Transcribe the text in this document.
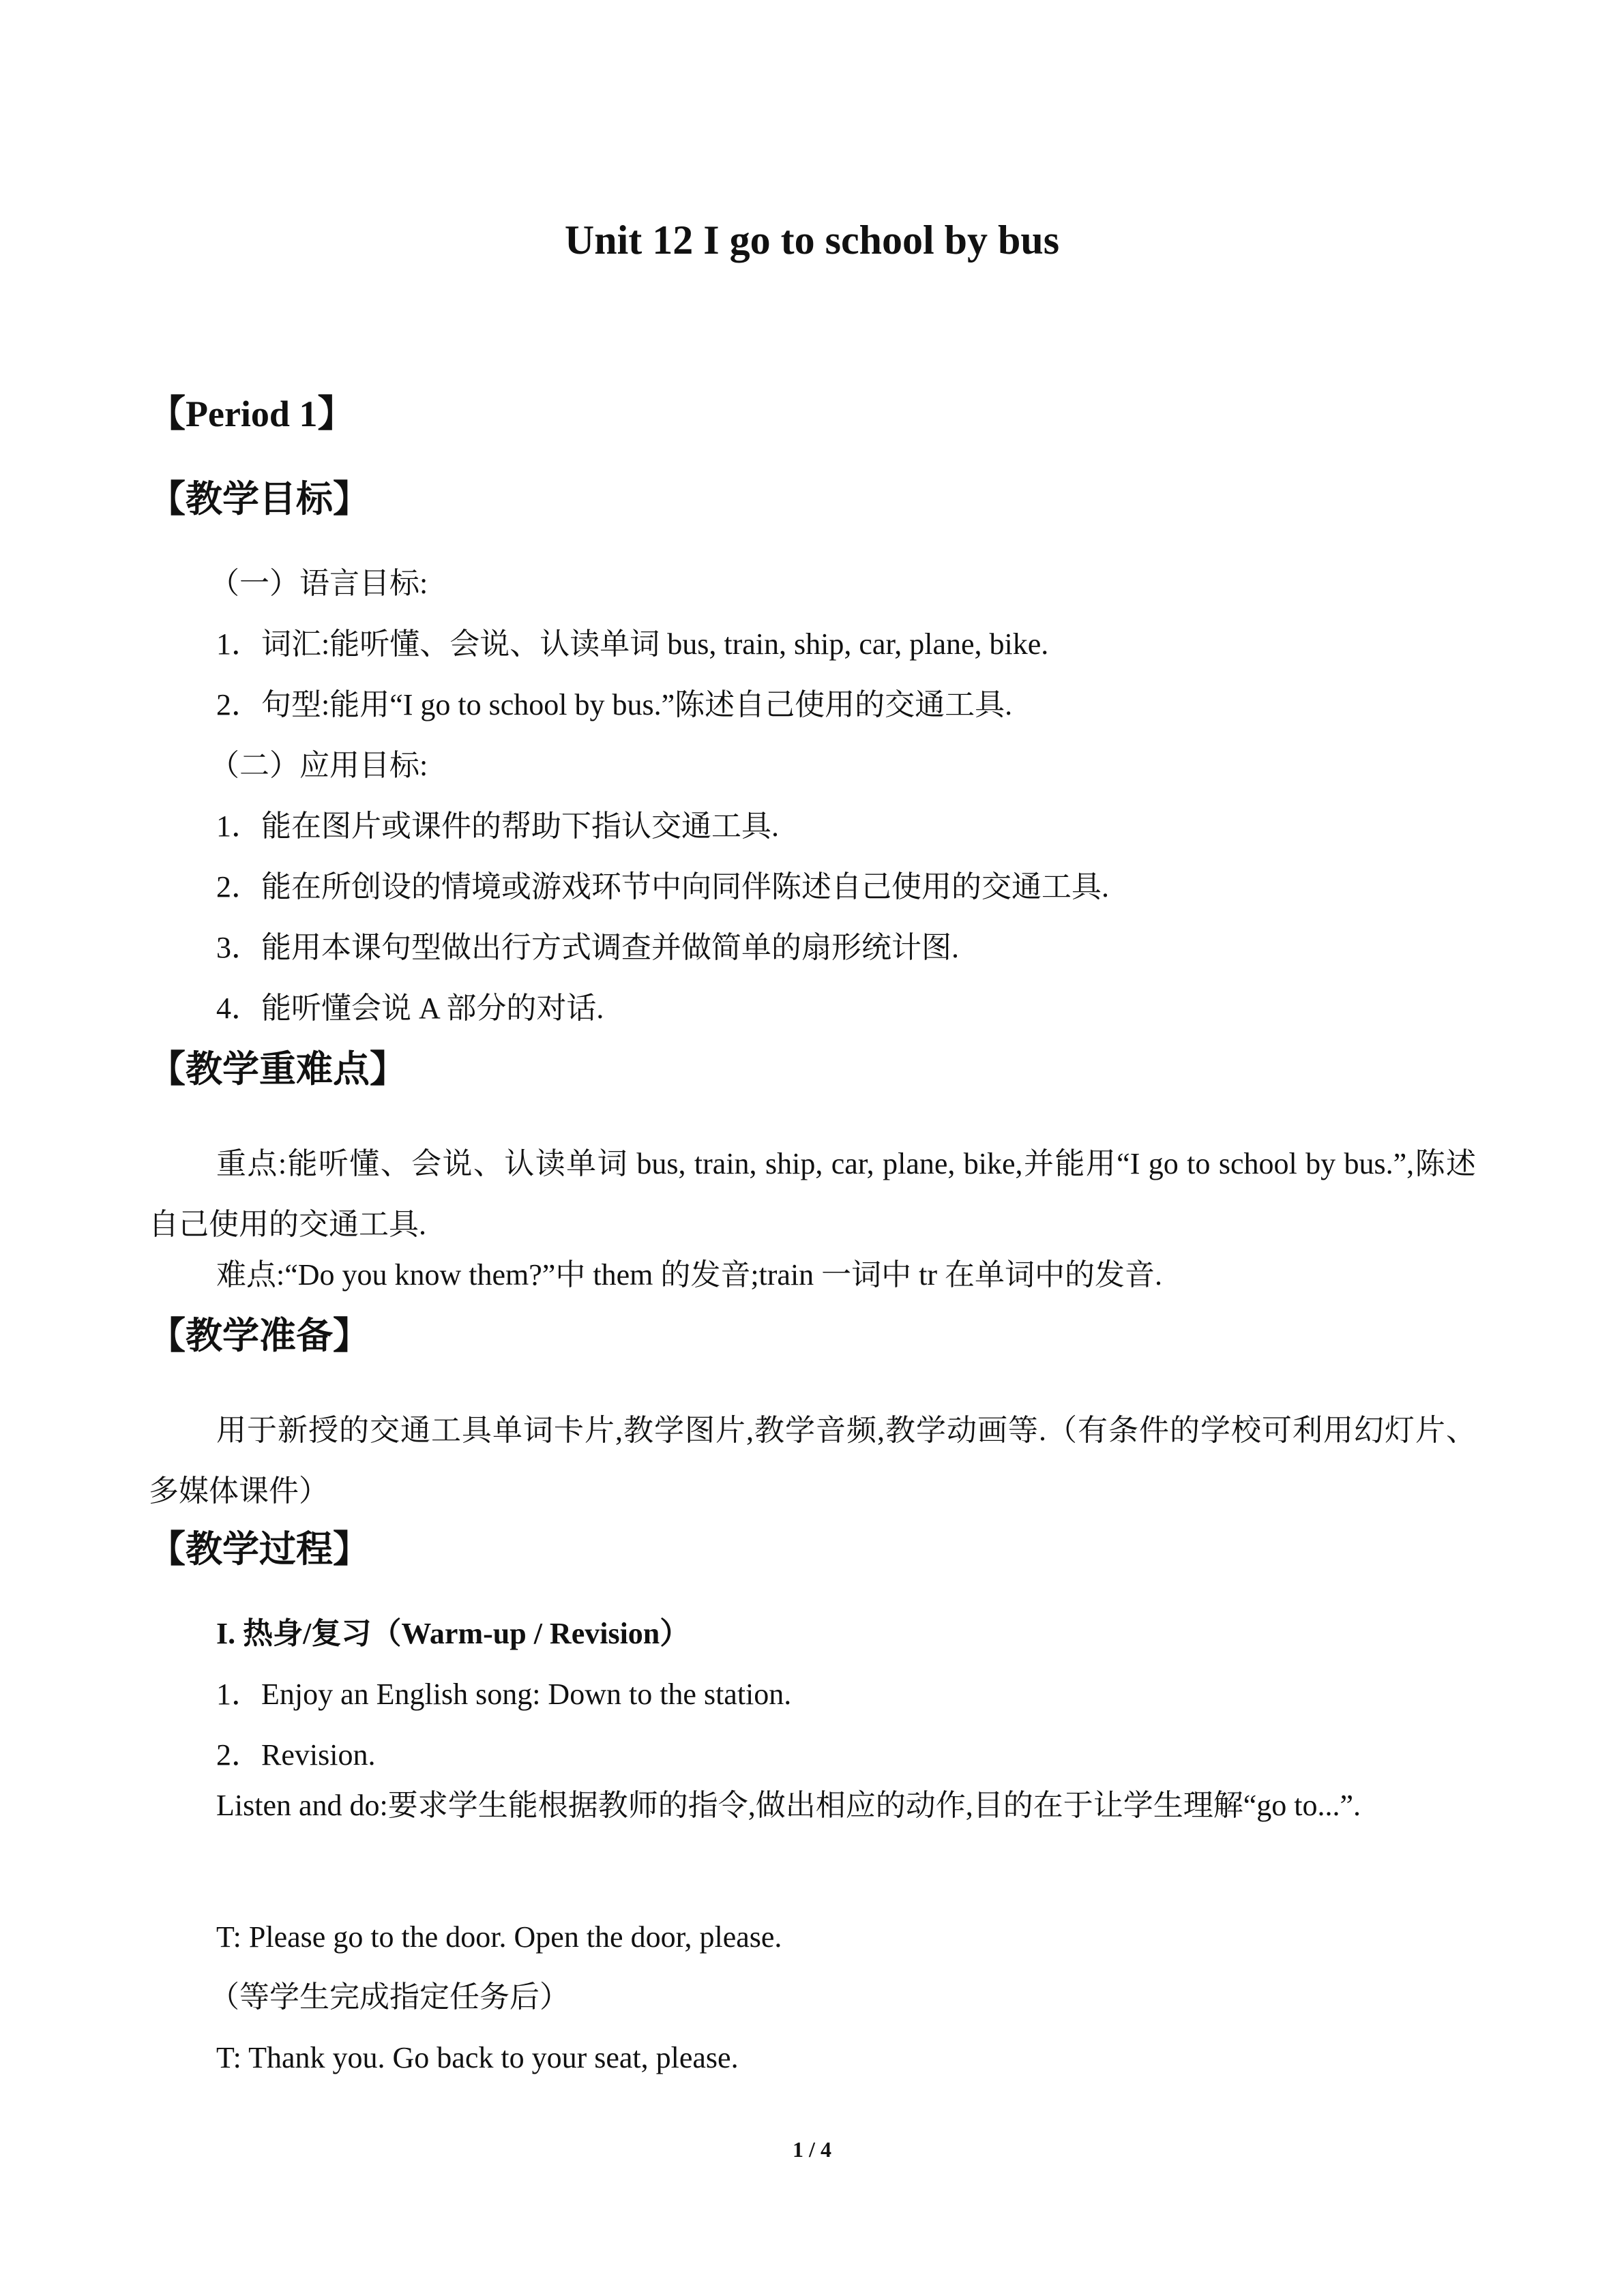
Unit 12 I go to school by bus
【Period 1】
【教学目标】
（一）语言目标:
1．词汇:能听懂、会说、认读单词 bus, train, ship, car, plane, bike.
2．句型:能用“I go to school by bus.”陈述自己使用的交通工具.
（二）应用目标:
1．能在图片或课件的帮助下指认交通工具.
2．能在所创设的情境或游戏环节中向同伴陈述自己使用的交通工具.
3．能用本课句型做出行方式调查并做简单的扇形统计图.
4．能听懂会说 A 部分的对话.
【教学重难点】

重点:能听懂、会说、认读单词 bus, train, ship, car, plane, bike,并能用“I go to school by bus.”,陈述自己使用的交通工具.

难点:“Do you know them?”中 them 的发音;train 一词中 tr 在单词中的发音.
【教学准备】

用于新授的交通工具单词卡片,教学图片,教学音频,教学动画等.（有条件的学校可利用幻灯片、多媒体课件）

【教学过程】
I. 热身/复习（Warm-up / Revision）
1．Enjoy an English song: Down to the station.
2．Revision.

Listen and do:要求学生能根据教师的指令,做出相应的动作,目的在于让学生理解“go to...”.

T: Please go to the door. Open the door, please.
（等学生完成指定任务后）
T: Thank you. Go back to your seat, please.
1 / 4
